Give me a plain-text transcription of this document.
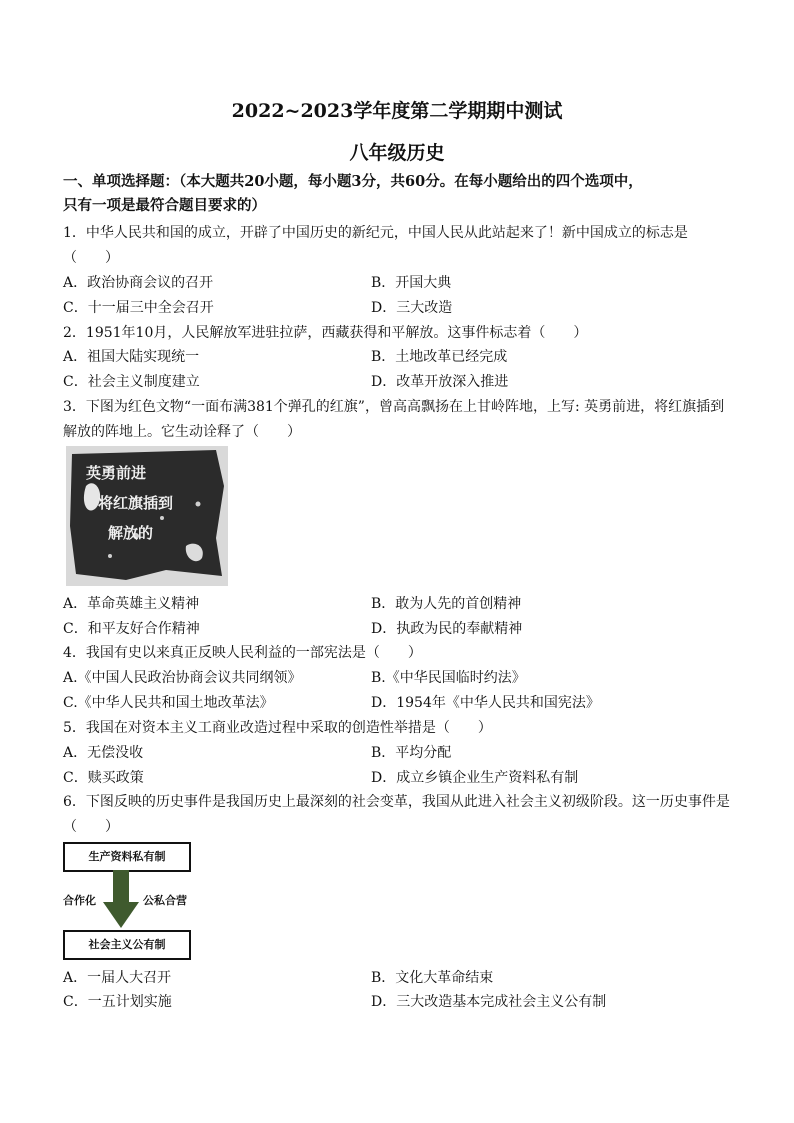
2022~2023学年度第二学期期中测试
八年级历史
一、单项选择题：（本大题共20小题，每小题3分，共60分。在每小题给出的四个选项中，
只有一项是最符合题目要求的）
1．中华人民共和国的成立，开辟了中国历史的新纪元，中国人民从此站起来了！新中国成立的标志是
（　　）
A．政治协商会议的召开	B．开国大典
C．十一届三中全会召开	D．三大改造
2．1951年10月，人民解放军进驻拉萨，西藏获得和平解放。这事件标志着（　　）
A．祖国大陆实现统一	B．土地改革已经完成
C．社会主义制度建立	D．改革开放深入推进
3．下图为红色文物“一面布满381个弹孔的红旗”，曾高高飘扬在上甘岭阵地，上写: 英勇前进，将红旗插到
解放的阵地上。它生动诠释了（　　）
英勇前进
将红旗插到
解放的
A．革命英雄主义精神	B．敢为人先的首创精神
C．和平友好合作精神	D．执政为民的奉献精神
4．我国有史以来真正反映人民利益的一部宪法是（　　）
A.《中国人民政治协商会议共同纲领》	B.《中华民国临时约法》
C.《中华人民共和国土地改革法》	D．1954年《中华人民共和国宪法》
5．我国在对资本主义工商业改造过程中采取的创造性举措是（　　）
A．无偿没收	B．平均分配
C．赎买政策	D．成立乡镇企业生产资料私有制
6．下图反映的历史事件是我国历史上最深刻的社会变革，我国从此进入社会主义初级阶段。这一历史事件是
（　　）
生产资料私有制
合作化	公私合营
社会主义公有制
A．一届人大召开	B．文化大革命结束
C．一五计划实施	D．三大改造基本完成社会主义公有制
